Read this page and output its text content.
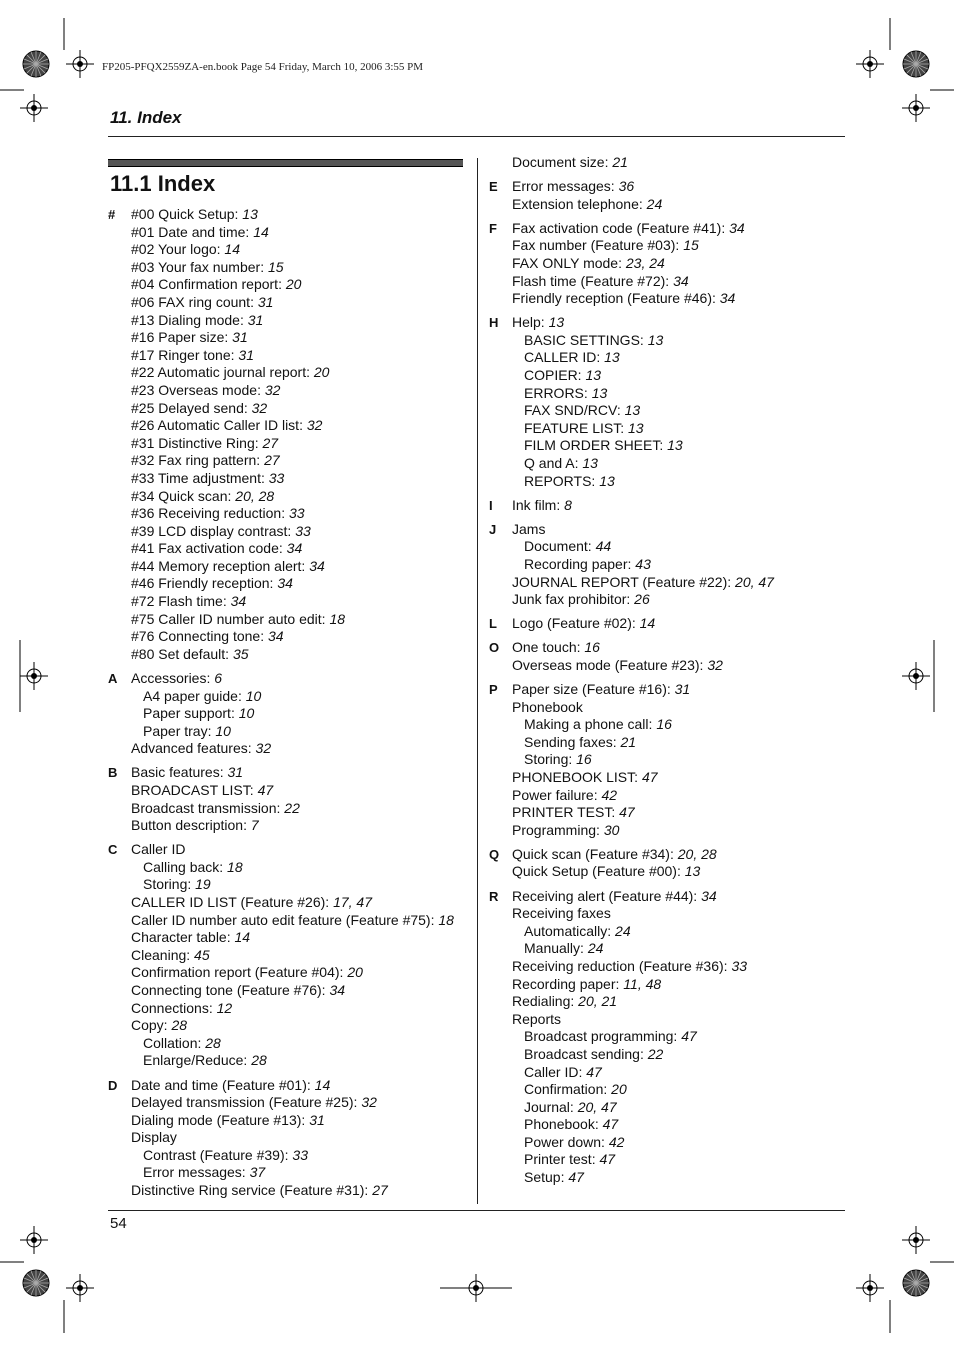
FP205-PFQX2559ZA-en.book Page 54 Friday, March 10, 2006 3:55 PM
11. Index
11.1 Index
#	#00 Quick Setup: 13
#01 Date and time: 14
#02 Your logo: 14
#03 Your fax number: 15
#04 Confirmation report: 20
#06 FAX ring count: 31
#13 Dialing mode: 31
#16 Paper size: 31
#17 Ringer tone: 31
#22 Automatic journal report: 20
#23 Overseas mode: 32
#25 Delayed send: 32
#26 Automatic Caller ID list: 32
#31 Distinctive Ring: 27
#32 Fax ring pattern: 27
#33 Time adjustment: 33
#34 Quick scan: 20, 28
#36 Receiving reduction: 33
#39 LCD display contrast: 33
#41 Fax activation code: 34
#44 Memory reception alert: 34
#46 Friendly reception: 34
#72 Flash time: 34
#75 Caller ID number auto edit: 18
#76 Connecting tone: 34
#80 Set default: 35
A Accessories: 6
A4 paper guide: 10
Paper support: 10
Paper tray: 10
Advanced features: 32
B Basic features: 31
BROADCAST LIST: 47
Broadcast transmission: 22
Button description: 7
C Caller ID
Calling back: 18
Storing: 19
CALLER ID LIST (Feature #26): 17, 47
Caller ID number auto edit feature (Feature #75): 18
Character table: 14
Cleaning: 45
Confirmation report (Feature #04): 20
Connecting tone (Feature #76): 34
Connections: 12
Copy: 28
Collation: 28
Enlarge/Reduce: 28
D Date and time (Feature #01): 14
Delayed transmission (Feature #25): 32
Dialing mode (Feature #13): 31
Display
Contrast (Feature #39): 33
Error messages: 37
Distinctive Ring service (Feature #31): 27
Document size: 21
E	Error messages: 36
Extension telephone: 24
F	Fax activation code (Feature #41): 34
Fax number (Feature #03): 15
FAX ONLY mode: 23, 24
Flash time (Feature #72): 34
Friendly reception (Feature #46): 34
H Help: 13
BASIC SETTINGS: 13
CALLER ID: 13
COPIER: 13
ERRORS: 13
FAX SND/RCV: 13
FEATURE LIST: 13
FILM ORDER SHEET: 13
Q and A: 13
REPORTS: 13
I	Ink film: 8
J	Jams
Document: 44
Recording paper: 43
JOURNAL REPORT (Feature #22): 20, 47
Junk fax prohibitor: 26
L	Logo (Feature #02): 14
O One touch: 16
Overseas mode (Feature #23): 32
P	Paper size (Feature #16): 31
Phonebook
Making a phone call: 16
Sending faxes: 21
Storing: 16
PHONEBOOK LIST: 47
Power failure: 42
PRINTER TEST: 47
Programming: 30
Q Quick scan (Feature #34): 20, 28
Quick Setup (Feature #00): 13
R Receiving alert (Feature #44): 34
Receiving faxes
Automatically: 24
Manually: 24
Receiving reduction (Feature #36): 33
Recording paper: 11, 48
Redialing: 20, 21
Reports
Broadcast programming: 47
Broadcast sending: 22
Caller ID: 47
Confirmation: 20
Journal: 20, 47
Phonebook: 47
Power down: 42
Printer test: 47
Setup: 47
54
